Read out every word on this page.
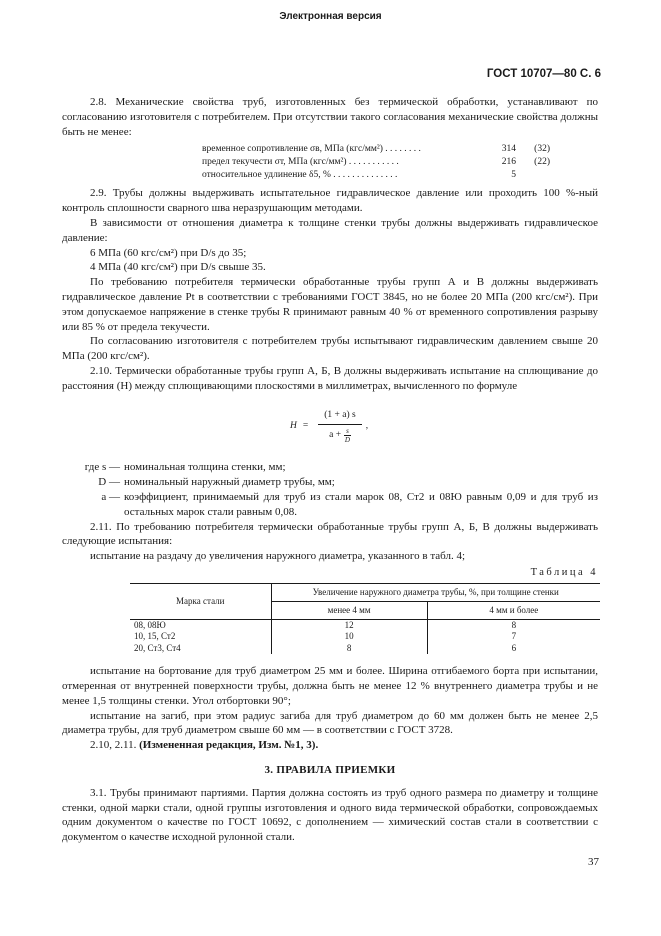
Электронная версия
ГОСТ 10707—80 С. 6

2.8. Механические свойства труб, изготовленных без термической обработки, устанавливают по согласованию изготовителя с потребителем. При отсутствии такого согласования механические свойства должны быть не менее:

временное сопротивление σв, МПа (кгс/мм²) . . . . . . . .	314	(32)
предел текучести σт, МПа (кгс/мм²) . . . . . . . . . . .	216	(22)
относительное удлинение δ5, % . . . . . . . . . . . . . .	5

2.9. Трубы должны выдерживать испытательное гидравлическое давление или проходить 100 %-ный контроль сплошности сварного шва неразрушающим методами.

В зависимости от отношения диаметра к толщине стенки трубы должны выдерживать гидравлическое давление:

6 МПа (60 кгс/см²) при D/s до 35;

4 МПа (40 кгс/см²) при D/s свыше 35.

По требованию потребителя термически обработанные трубы групп А и В должны выдерживать гидравлическое давление Pt в соответствии с требованиями ГОСТ 3845, но не более 20 МПа (200 кгс/см²). При этом допускаемое напряжение в стенке трубы R принимают равным 40 % от временного сопротивления разрыву или 85 % от предела текучести.

По согласованию изготовителя с потребителем трубы испытывают гидравлическим давлением свыше 20 МПа (200 кгс/см²).

2.10. Термически обработанные трубы групп А, Б, В должны выдерживать испытание на сплющивание до расстояния (H) между сплющивающими плоскостями в миллиметрах, вычисленного по формуле

$H = \frac{(1 + a) s}{a + \frac{s}{D}}$ ,
где s — номинальная толщина стенки, мм;
D — номинальный наружный диаметр трубы, мм;
a — коэффициент, принимаемый для труб из стали марок 08, Ст2 и 08Ю равным 0,09 и для труб из остальных марок стали равным 0,08.

2.11. По требованию потребителя термически обработанные трубы групп А, Б, В должны выдерживать следующие испытания:

испытание на раздачу до увеличения наружного диаметра, указанного в табл. 4;

Таблица 4
Марка стали	Увеличение наружного диаметра трубы, %, при толщине стенки	
	менее 4 мм	4 мм и более
08, 08Ю	12	8
10, 15, Ст2	10	7
20, Ст3, Ст4	8	6

испытание на бортование для труб диаметром 25 мм и более. Ширина отгибаемого борта при испытании, отмеренная от внутренней поверхности трубы, должна быть не менее 12 % внутреннего диаметра трубы и не менее 1,5 толщины стенки. Угол отбортовки 90°;

испытание на загиб, при этом радиус загиба для труб диаметром до 60 мм должен быть не менее 2,5 диаметра трубы, для труб диаметром свыше 60 мм — в соответствии с ГОСТ 3728.

2.10, 2.11. (Измененная редакция, Изм. №1, 3).

3. ПРАВИЛА ПРИЕМКИ

3.1. Трубы принимают партиями. Партия должна состоять из труб одного размера по диаметру и толщине стенки, одной марки стали, одной группы изготовления и одного вида термической обработки, сопровождаемых одним документом о качестве по ГОСТ 10692, с дополнением — химический состав стали в соответствии с документом о качестве исходной рулонной стали.

37
